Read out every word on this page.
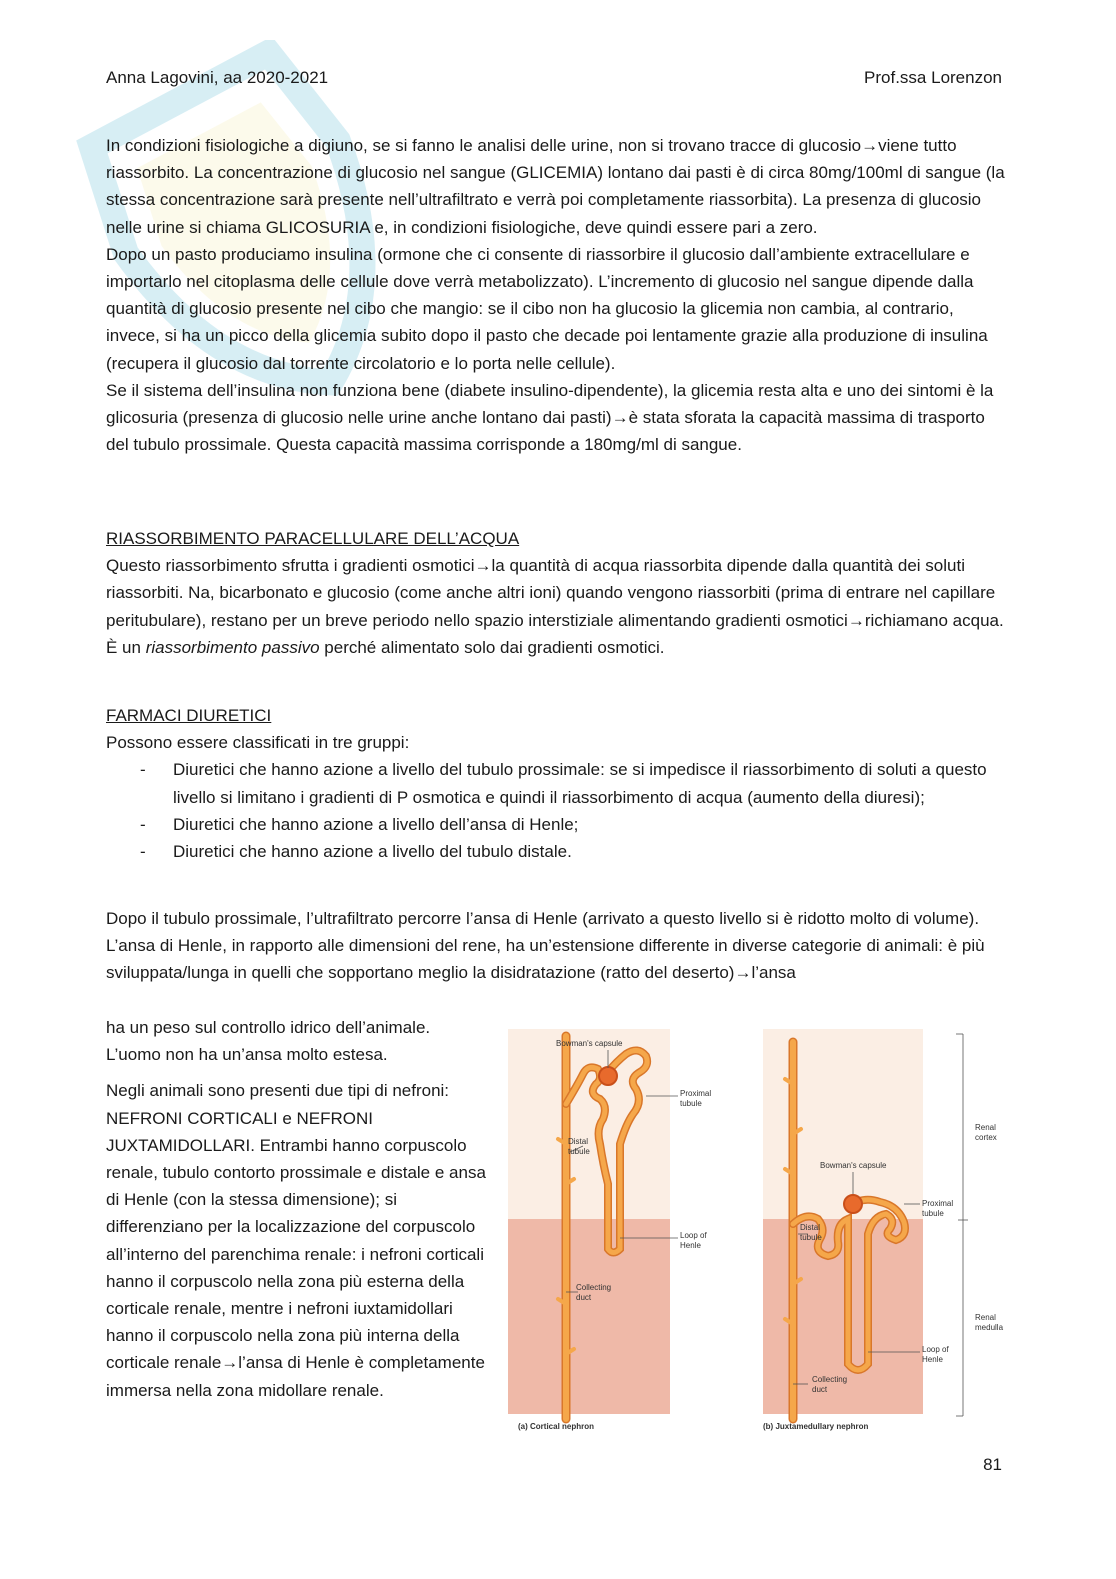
Anna Lagovini, aa 2020-2021	Prof.ssa Lorenzon

In condizioni fisiologiche a digiuno, se si fanno le analisi delle urine, non si trovano tracce di glucosio→viene tutto riassorbito. La concentrazione di glucosio nel sangue (GLICEMIA) lontano dai pasti è di circa 80mg/100ml di sangue (la stessa concentrazione sarà presente nell’ultrafiltrato e verrà poi completamente riassorbita). La presenza di glucosio nelle urine si chiama GLICOSURIA e, in condizioni fisiologiche, deve quindi essere pari a zero.

Dopo un pasto produciamo insulina (ormone che ci consente di riassorbire il glucosio dall’ambiente extracellulare e importarlo nel citoplasma delle cellule dove verrà metabolizzato). L’incremento di glucosio nel sangue dipende dalla quantità di glucosio presente nel cibo che mangio: se il cibo non ha glucosio la glicemia non cambia, al contrario, invece, si ha un picco della glicemia subito dopo il pasto che decade poi lentamente grazie alla produzione di insulina (recupera il glucosio dal torrente circolatorio e lo porta nelle cellule).

Se il sistema dell’insulina non funziona bene (diabete insulino-dipendente), la glicemia resta alta e uno dei sintomi è la glicosuria (presenza di glucosio nelle urine anche lontano dai pasti)→è stata sforata la capacità massima di trasporto del tubulo prossimale. Questa capacità massima corrisponde a 180mg/ml di sangue.

RIASSORBIMENTO PARACELLULARE DELL’ACQUA

Questo riassorbimento sfrutta i gradienti osmotici→la quantità di acqua riassorbita dipende dalla quantità dei soluti riassorbiti. Na, bicarbonato e glucosio (come anche altri ioni) quando vengono riassorbiti (prima di entrare nel capillare peritubulare), restano per un breve periodo nello spazio interstiziale alimentando gradienti osmotici→richiamano acqua.

È un riassorbimento passivo perché alimentato solo dai gradienti osmotici.

FARMACI DIURETICI

Possono essere classificati in tre gruppi:

- Diuretici che hanno azione a livello del tubulo prossimale: se si impedisce il riassorbimento di soluti a questo livello si limitano i gradienti di P osmotica e quindi il riassorbimento di acqua (aumento della diuresi);
- Diuretici che hanno azione a livello dell’ansa di Henle;
- Diuretici che hanno azione a livello del tubulo distale.

Dopo il tubulo prossimale, l’ultrafiltrato percorre l’ansa di Henle (arrivato a questo livello si è ridotto molto di volume).

L’ansa di Henle, in rapporto alle dimensioni del rene, ha un’estensione differente in diverse categorie di animali: è più sviluppata/lunga in quelli che sopportano meglio la disidratazione (ratto del deserto)→l’ansa

ha un peso sul controllo idrico dell’animale.

L’uomo non ha un’ansa molto estesa.

Negli animali sono presenti due tipi di nefroni: NEFRONI CORTICALI e NEFRONI JUXTAMIDOLLARI. Entrambi hanno corpuscolo renale, tubulo contorto prossimale e distale e ansa di Henle (con la stessa dimensione); si differenziano per la localizzazione del corpuscolo all’interno del parenchima renale: i nefroni corticali hanno il corpuscolo nella zona più esterna della corticale renale, mentre i nefroni iuxtamidollari hanno il corpuscolo nella zona più interna della corticale renale→l’ansa di Henle è completamente immersa nella zona midollare renale.

Bowman's capsule
Proximal
tubule
Distal
tubule
Loop of
Henle
Collecting
duct
Bowman's capsule
Proximal
tubule
Distal
tubule
Loop of
Henle
Collecting
duct
Renal
cortex
Renal
medulla
(a) Cortical nephron	(b) Juxtamedullary nephron
81
